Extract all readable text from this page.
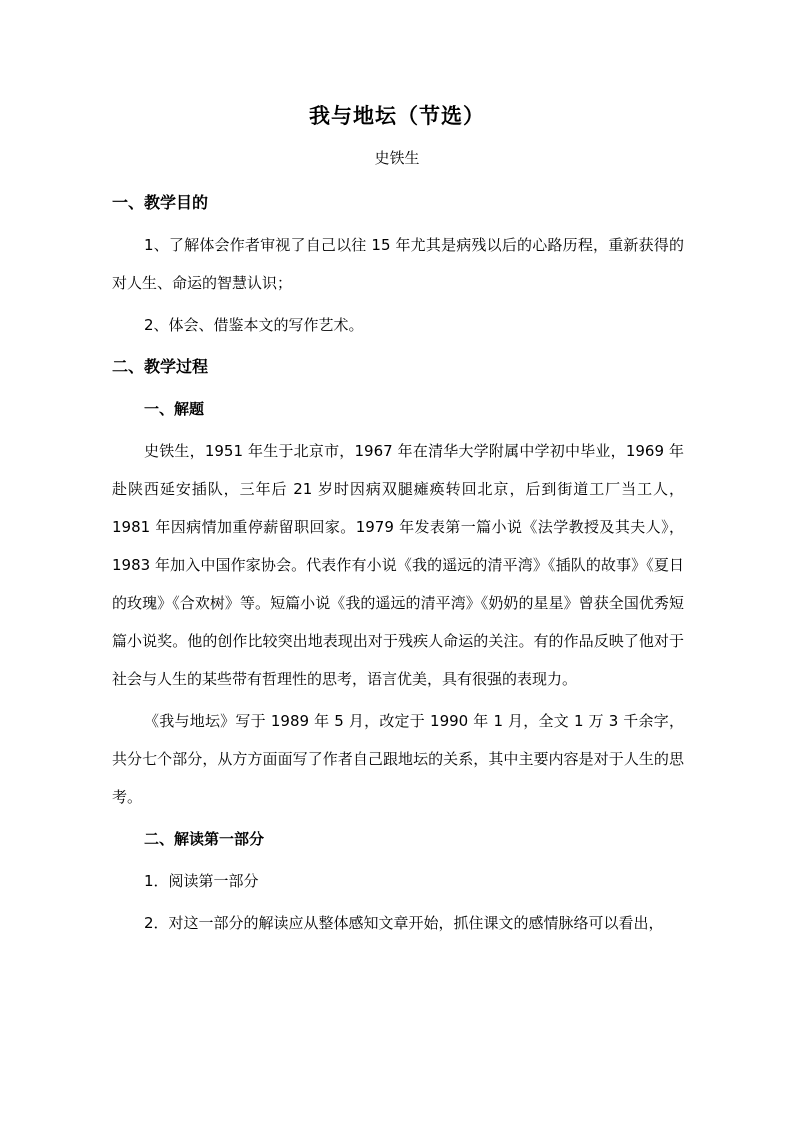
我与地坛（节选）
史铁生

一、教学目的

1、了解体会作者审视了自己以往 15 年尤其是病残以后的心路历程，重新获得的对人生、命运的智慧认识；

2、体会、借鉴本文的写作艺术。

二、教学过程

一、解题

史铁生，1951 年生于北京市，1967 年在清华大学附属中学初中毕业，1969 年赴陕西延安插队，三年后 21 岁时因病双腿瘫痪转回北京，后到街道工厂当工人，1981 年因病情加重停薪留职回家。1979 年发表第一篇小说《法学教授及其夫人》，1983 年加入中国作家协会。代表作有小说《我的遥远的清平湾》《插队的故事》《夏日的玫瑰》《合欢树》等。短篇小说《我的遥远的清平湾》《奶奶的星星》曾获全国优秀短篇小说奖。他的创作比较突出地表现出对于残疾人命运的关注。有的作品反映了他对于社会与人生的某些带有哲理性的思考，语言优美，具有很强的表现力。

《我与地坛》写于 1989 年 5 月，改定于 1990 年 1 月，全文 1 万 3 千余字，共分七个部分，从方方面面写了作者自己跟地坛的关系，其中主要内容是对于人生的思考。

二、解读第一部分

1．阅读第一部分

2．对这一部分的解读应从整体感知文章开始，抓住课文的感情脉络可以看出，
